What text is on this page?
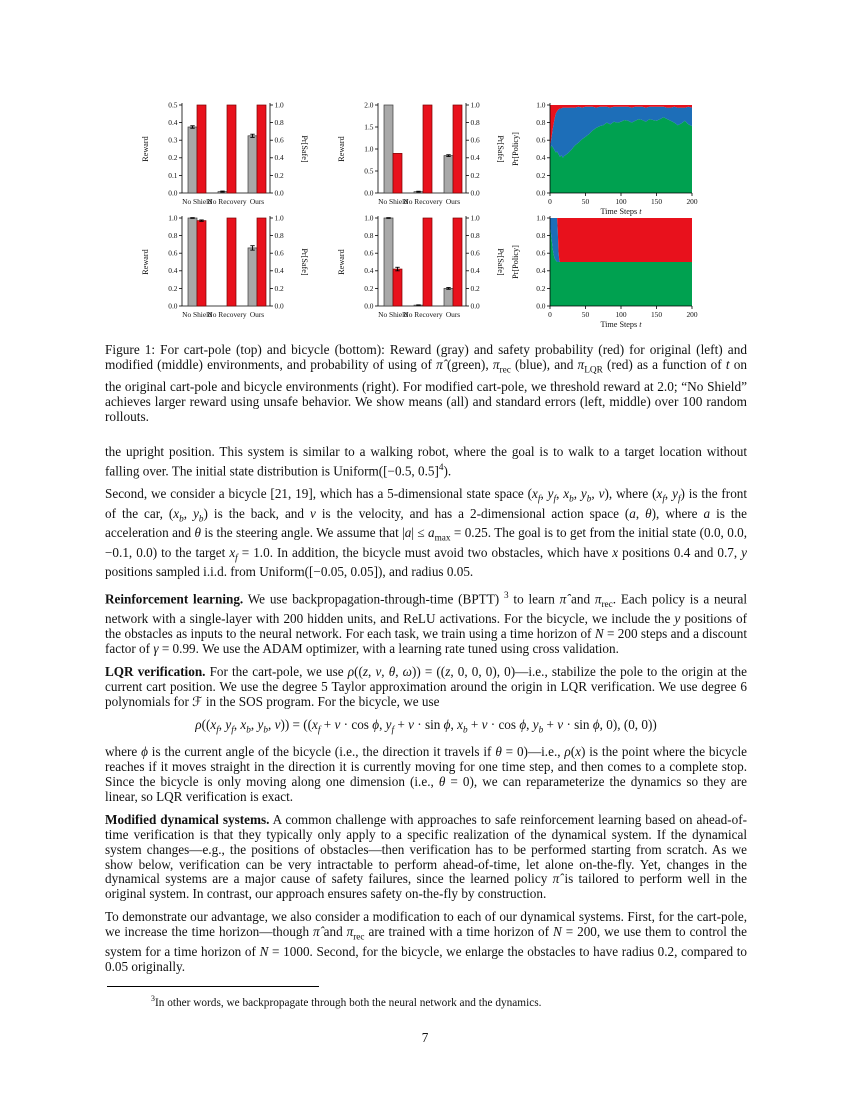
0.0
0.1
0.2
0.3
0.4
0.5
0.0
0.2
0.4
0.6
0.8
1.0
Reward	Pr[Safe]
No Shield
No Recovery Ours
0.0
0.5
1.0
1.5
2.0
0.0
0.2
0.4
0.6
0.8
1.0
Reward	Pr[Safe]
No Shield
No Recovery Ours
0.0
0.2
0.4
0.6
0.8
1.0
0	50	100	150	200
Time Steps t
Pr[Policy]
0.0
0.2
0.4
0.6
0.8
1.0
0.0
0.2
0.4
0.6
0.8
1.0
Reward	Pr[Safe]
No Shield
No Recovery Ours
0.0
0.2
0.4
0.6
0.8
1.0
0.0
0.2
0.4
0.6
0.8
1.0
Reward	Pr[Safe]
No Shield
No Recovery Ours
0.0
0.2
0.4
0.6
0.8
1.0
0	50	100	150	200
Time Steps t
Pr[Policy]
Figure 1: For cart-pole (top) and bicycle (bottom): Reward (gray) and safety probability (red) for original (left) and modified (middle) environments, and probability of using of π̂ (green), $\pi_{rec}$ (blue), and $\pi_{LQR}$ (red) as a function of t on the original cart-pole and bicycle environments (right). For modified cart-pole, we threshold reward at 2.0; “No Shield” achieves larger reward using unsafe behavior. We show means (all) and standard errors (left, middle) over 100 random rollouts.

the upright position. This system is similar to a walking robot, where the goal is to walk to a target location without falling over. The initial state distribution is Uniform([−0.5, 0.5]$^4$).

Second, we consider a bicycle [21, 19], which has a 5-dimensional state space ($x_f$, $y_f$, $x_b$, $y_b$, v), where ($x_f$, $y_f$) is the front of the car, ($x_b$, $y_b$) is the back, and v is the velocity, and has a 2-dimensional action space (a, θ), where a is the acceleration and θ is the steering angle. We assume that $|a| \le a_{max} = 0.25$. The goal is to get from the initial state (0.0, 0.0, −0.1, 0.0) to the target $x_f = 1.0$. In addition, the bicycle must avoid two obstacles, which have x positions 0.4 and 0.7, y positions sampled i.i.d. from Uniform([−0.05, 0.05]), and radius 0.05.

Reinforcement learning. We use backpropagation-through-time (BPTT) $^3$ to learn π̂ and $\pi_{rec}$. Each policy is a neural network with a single-layer with 200 hidden units, and ReLU activations. For the bicycle, we include the y positions of the obstacles as inputs to the neural network. For each task, we train using a time horizon of N = 200 steps and a discount factor of γ = 0.99. We use the ADAM optimizer, with a learning rate tuned using cross validation.

LQR verification. For the cart-pole, we use ρ((z, v, θ, ω)) = ((z, 0, 0, 0), 0)—i.e., stabilize the pole to the origin at the current cart position. We use the degree 5 Taylor approximation around the origin in LQR verification. We use degree 6 polynomials for ℱ in the SOS program. For the bicycle, we use

$\rho((x_f$, $y_f$, $x_b$, $y_b$, $v)) = ((x_f + v \cdot \cos \phi$, $y_f + v \cdot \sin \phi$, $x_b + v \cdot \cos \phi$, $y_b + v \cdot \sin \phi$, 0), (0, 0))

where ϕ is the current angle of the bicycle (i.e., the direction it travels if θ = 0)—i.e., ρ(x) is the point where the bicycle reaches if it moves straight in the direction it is currently moving for one time step, and then comes to a complete stop. Since the bicycle is only moving along one dimension (i.e., θ = 0), we can reparameterize the dynamics so they are linear, so LQR verification is exact.

Modified dynamical systems. A common challenge with approaches to safe reinforcement learning based on ahead-of-time verification is that they typically only apply to a specific realization of the dynamical system. If the dynamical system changes—e.g., the positions of obstacles—then verification has to be performed starting from scratch. As we show below, verification can be very intractable to perform ahead-of-time, let alone on-the-fly. Yet, changes in the dynamical systems are a major cause of safety failures, since the learned policy π̂ is tailored to perform well in the original system. In contrast, our approach ensures safety on-the-fly by construction.

To demonstrate our advantage, we also consider a modification to each of our dynamical systems. First, for the cart-pole, we increase the time horizon—though π̂ and $\pi_{rec}$ are trained with a time horizon of N = 200, we use them to control the system for a time horizon of N = 1000. Second, for the bicycle, we enlarge the obstacles to have radius 0.2, compared to 0.05 originally.

$^3$In other words, we backpropagate through both the neural network and the dynamics.
7
